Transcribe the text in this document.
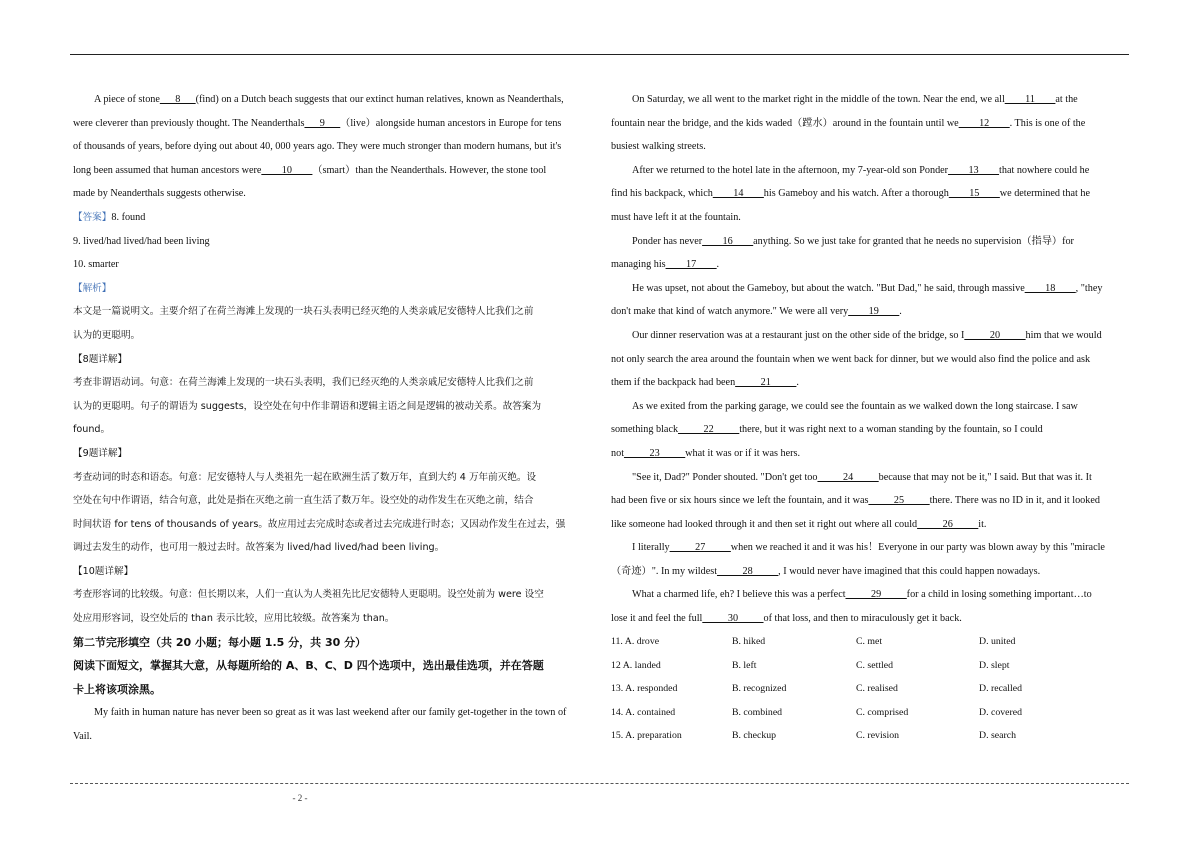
A piece of stone___8___(find) on a Dutch beach suggests that our extinct human relatives, known as Neanderthals,

were cleverer than previously thought. The Neanderthals___9___（live）alongside human ancestors in Europe for tens

of thousands of years, before dying out about 40, 000 years ago. They were much stronger than modern humans, but it's

long been assumed that human ancestors were____10____（smart）than the Neanderthals. However, the stone tool

made by Neanderthals suggests otherwise.

【答案】8. found

9. lived/had lived/had been living

10. smarter

【解析】

本文是一篇说明文。主要介绍了在荷兰海滩上发现的一块石头表明已经灭绝的人类亲戚尼安德特人比我们之前

认为的更聪明。

【8题详解】

考查非谓语动词。句意：在荷兰海滩上发现的一块石头表明，我们已经灭绝的人类亲戚尼安德特人比我们之前

认为的更聪明。句子的谓语为 suggests，设空处在句中作非谓语和逻辑主语之间是逻辑的被动关系。故答案为

found。

【9题详解】

考查动词的时态和语态。句意：尼安德特人与人类祖先一起在欧洲生活了数万年，直到大约 4 万年前灭绝。设

空处在句中作谓语，结合句意，此处是指在灭绝之前一直生活了数万年。设空处的动作发生在灭绝之前，结合

时间状语 for tens of thousands of years。故应用过去完成时态或者过去完成进行时态；又因动作发生在过去，强

调过去发生的动作，也可用一般过去时。故答案为 lived/had lived/had been living。

【10题详解】

考查形容词的比较级。句意：但长期以来，人们一直认为人类祖先比尼安德特人更聪明。设空处前为 were 设空

处应用形容词，设空处后的 than 表示比较，应用比较级。故答案为 than。

第二节完形填空（共 20 小题；每小题 1.5 分，共 30 分）

阅读下面短文，掌握其大意，从每题所给的 A、B、C、D 四个选项中，选出最佳选项，并在答题

卡上将该项涂黑。

My faith in human nature has never been so great as it was last weekend after our family get-together in the town of

Vail.

On Saturday, we all went to the market right in the middle of the town. Near the end, we all____11____at the

fountain near the bridge, and the kids waded（蹚水）around in the fountain until we____12____. This is one of the

busiest walking streets.

After we returned to the hotel late in the afternoon, my 7-year-old son Ponder____13____that nowhere could he

find his backpack, which____14____his Gameboy and his watch. After a thorough____15____we determined that he

must have left it at the fountain.

Ponder has never____16____anything. So we just take for granted that he needs no supervision（指导）for

managing his____17____.

He was upset, not about the Gameboy, but about the watch. "But Dad," he said, through massive____18____, "they

don't make that kind of watch anymore." We were all very____19____.

Our dinner reservation was at a restaurant just on the other side of the bridge, so I_____20_____him that we would

not only search the area around the fountain when we went back for dinner, but we would also find the police and ask

them if the backpack had been_____21_____.

As we exited from the parking garage, we could see the fountain as we walked down the long staircase. I saw

something black_____22_____there, but it was right next to a woman standing by the fountain, so I could

not_____23_____what it was or if it was hers.

"See it, Dad?" Ponder shouted. "Don't get too_____24_____because that may not be it," I said. But that was it. It

had been five or six hours since we left the fountain, and it was_____25_____there. There was no ID in it, and it looked

like someone had looked through it and then set it right out where all could_____26_____it.

I literally_____27_____when we reached it and it was his！Everyone in our party was blown away by this "miracle

（奇迹）". In my wildest_____28_____, I would never have imagined that this could happen nowadays.

What a charmed life, eh? I believe this was a perfect_____29_____for a child in losing something important…to

lose it and feel the full_____30_____of that loss, and then to miraculously get it back.

11. A. drove	B. hiked	C. met	D. united
12 A. landed	B. left	C. settled	D. slept
13. A. responded	B. recognized	C. realised	D. recalled
14. A. contained	B. combined	C. comprised	D. covered
15. A. preparation	B. checkup	C. revision	D. search
- 2 -
